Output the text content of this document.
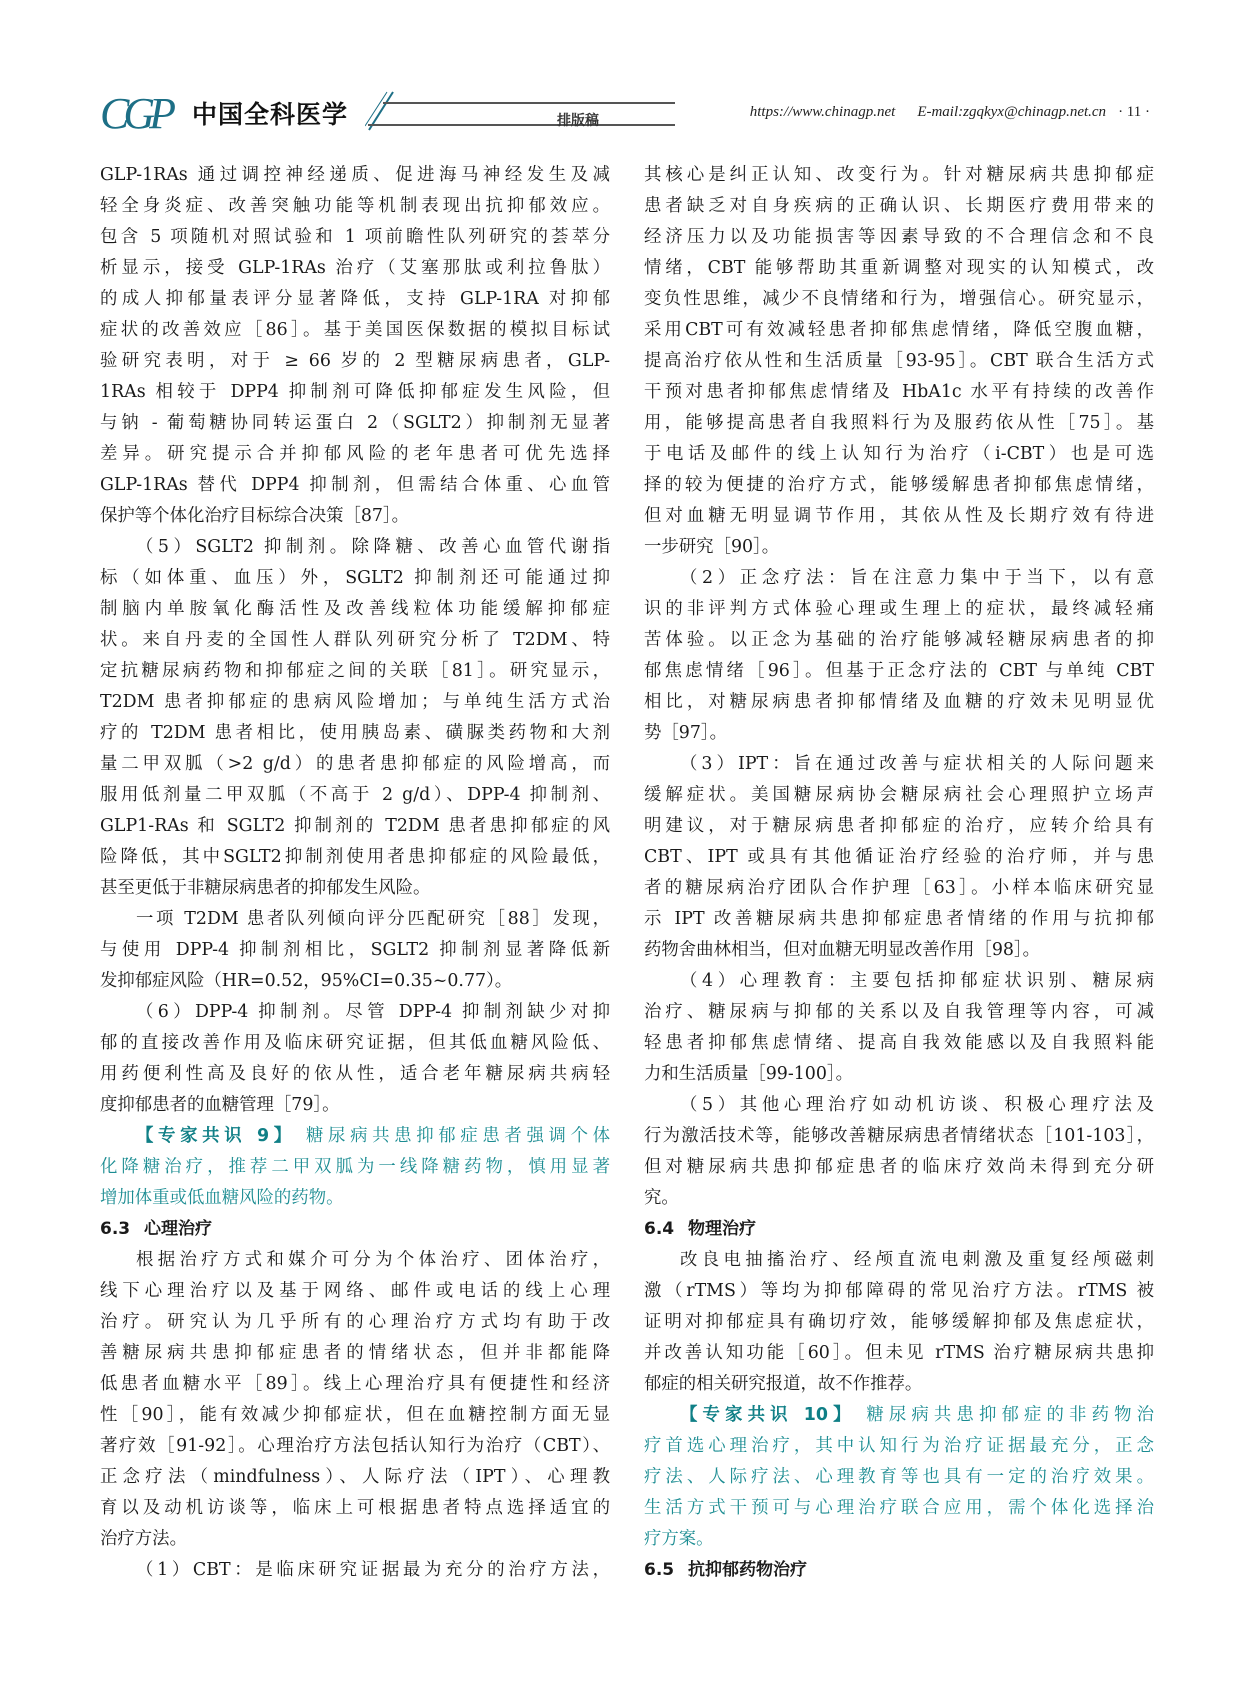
CGP 中国全科医学	排版稿
https://www.chinagp.net E-mail:zgqkyx@chinagp.net.cn · 11 ·
GLP-1RAs 通过调控神经递质、促进海马神经发生及减
轻全身炎症、改善突触功能等机制表现出抗抑郁效应。
包含 5 项随机对照试验和 1 项前瞻性队列研究的荟萃分
析显示，接受 GLP-1RAs 治疗（艾塞那肽或利拉鲁肽）
的成人抑郁量表评分显著降低，支持 GLP-1RA 对抑郁
症状的改善效应［86］。基于美国医保数据的模拟目标试
验研究表明，对于 ≥ 66 岁的 2 型糖尿病患者，GLP-
1RAs 相较于 DPP4 抑制剂可降低抑郁症发生风险，但
与钠 - 葡萄糖协同转运蛋白 2（SGLT2）抑制剂无显著
差异。研究提示合并抑郁风险的老年患者可优先选择
GLP-1RAs 替代 DPP4 抑制剂，但需结合体重、心血管
保护等个体化治疗目标综合决策［87］。
（5）SGLT2 抑制剂。除降糖、改善心血管代谢指
标（如体重、血压）外，SGLT2 抑制剂还可能通过抑
制脑内单胺氧化酶活性及改善线粒体功能缓解抑郁症
状。来自丹麦的全国性人群队列研究分析了 T2DM、特
定抗糖尿病药物和抑郁症之间的关联［81］。研究显示，
T2DM 患者抑郁症的患病风险增加；与单纯生活方式治
疗的 T2DM 患者相比，使用胰岛素、磺脲类药物和大剂
量二甲双胍（>2 g/d）的患者患抑郁症的风险增高，而
服用低剂量二甲双胍（不高于 2 g/d）、DPP-4 抑制剂、
GLP1-RAs 和 SGLT2 抑制剂的 T2DM 患者患抑郁症的风
险降低，其中SGLT2抑制剂使用者患抑郁症的风险最低，
甚至更低于非糖尿病患者的抑郁发生风险。
一项 T2DM 患者队列倾向评分匹配研究［88］发现，
与使用 DPP-4 抑制剂相比，SGLT2 抑制剂显著降低新
发抑郁症风险（HR=0.52，95%CI=0.35~0.77）。
（6）DPP-4 抑制剂。尽管 DPP-4 抑制剂缺少对抑
郁的直接改善作用及临床研究证据，但其低血糖风险低、
用药便利性高及良好的依从性，适合老年糖尿病共病轻
度抑郁患者的血糖管理［79］。
【专家共识 9】 糖尿病共患抑郁症患者强调个体
化降糖治疗，推荐二甲双胍为一线降糖药物，慎用显著
增加体重或低血糖风险的药物。
6.3 心理治疗
根据治疗方式和媒介可分为个体治疗、团体治疗，
线下心理治疗以及基于网络、邮件或电话的线上心理
治疗。研究认为几乎所有的心理治疗方式均有助于改
善糖尿病共患抑郁症患者的情绪状态，但并非都能降
低患者血糖水平［89］。线上心理治疗具有便捷性和经济
性［90］，能有效减少抑郁症状，但在血糖控制方面无显
著疗效［91-92］。心理治疗方法包括认知行为治疗（CBT）、
正念疗法（mindfulness）、人际疗法（IPT）、心理教
育以及动机访谈等，临床上可根据患者特点选择适宜的
治疗方法。
（1）CBT：是临床研究证据最为充分的治疗方法，
其核心是纠正认知、改变行为。针对糖尿病共患抑郁症
患者缺乏对自身疾病的正确认识、长期医疗费用带来的
经济压力以及功能损害等因素导致的不合理信念和不良
情绪，CBT 能够帮助其重新调整对现实的认知模式，改
变负性思维，减少不良情绪和行为，增强信心。研究显示，
采用CBT可有效减轻患者抑郁焦虑情绪，降低空腹血糖，
提高治疗依从性和生活质量［93-95］。CBT 联合生活方式
干预对患者抑郁焦虑情绪及 HbA1c 水平有持续的改善作
用，能够提高患者自我照料行为及服药依从性［75］。基
于电话及邮件的线上认知行为治疗（i-CBT）也是可选
择的较为便捷的治疗方式，能够缓解患者抑郁焦虑情绪，
但对血糖无明显调节作用，其依从性及长期疗效有待进
一步研究［90］。
（2）正念疗法：旨在注意力集中于当下，以有意
识的非评判方式体验心理或生理上的症状，最终减轻痛
苦体验。以正念为基础的治疗能够减轻糖尿病患者的抑
郁焦虑情绪［96］。但基于正念疗法的 CBT 与单纯 CBT
相比，对糖尿病患者抑郁情绪及血糖的疗效未见明显优
势［97］。
（3）IPT：旨在通过改善与症状相关的人际问题来
缓解症状。美国糖尿病协会糖尿病社会心理照护立场声
明建议，对于糖尿病患者抑郁症的治疗，应转介给具有
CBT、IPT 或具有其他循证治疗经验的治疗师，并与患
者的糖尿病治疗团队合作护理［63］。小样本临床研究显
示 IPT 改善糖尿病共患抑郁症患者情绪的作用与抗抑郁
药物舍曲林相当，但对血糖无明显改善作用［98］。
（4）心理教育：主要包括抑郁症状识别、糖尿病
治疗、糖尿病与抑郁的关系以及自我管理等内容，可减
轻患者抑郁焦虑情绪、提高自我效能感以及自我照料能
力和生活质量［99-100］。
（5）其他心理治疗如动机访谈、积极心理疗法及
行为激活技术等，能够改善糖尿病患者情绪状态［101-103］，
但对糖尿病共患抑郁症患者的临床疗效尚未得到充分研
究。
6.4 物理治疗
改良电抽搐治疗、经颅直流电刺激及重复经颅磁刺
激（rTMS）等均为抑郁障碍的常见治疗方法。rTMS 被
证明对抑郁症具有确切疗效，能够缓解抑郁及焦虑症状，
并改善认知功能［60］。但未见 rTMS 治疗糖尿病共患抑
郁症的相关研究报道，故不作推荐。
【专家共识 10】 糖尿病共患抑郁症的非药物治
疗首选心理治疗，其中认知行为治疗证据最充分，正念
疗法、人际疗法、心理教育等也具有一定的治疗效果。
生活方式干预可与心理治疗联合应用，需个体化选择治
疗方案。
6.5 抗抑郁药物治疗
